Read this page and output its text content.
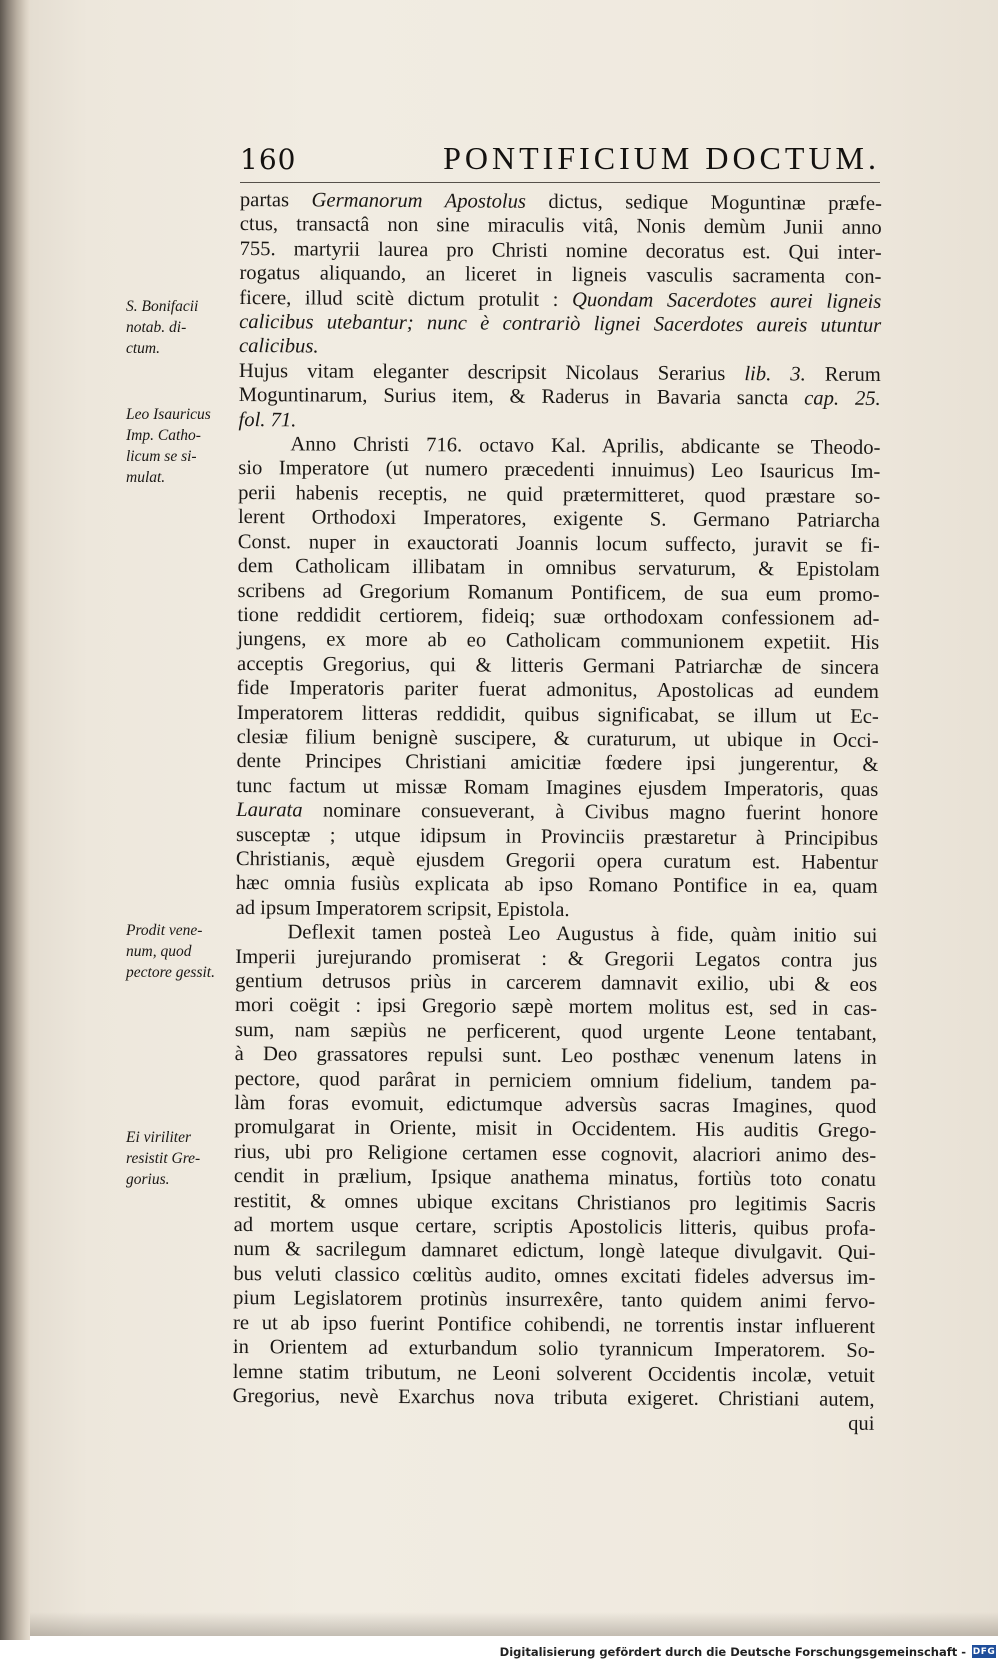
160	PONTIFICIUM DOCTUM.
S. Bonifacii
notab. di-
ctum.
Leo Isauricus
Imp. Catho-
licum se si-
mulat.
Prodit vene-
num, quod
pectore gessit.
Ei viriliter
resistit Gre-
gorius.
partas Germanorum Apostolus dictus, sedique Moguntinæ præfe-
ctus, transactâ non sine miraculis vitâ, Nonis demùm Junii anno
755. martyrii laurea pro Christi nomine decoratus est. Qui inter-
rogatus aliquando, an liceret in ligneis vasculis sacramenta con-
ficere, illud scitè dictum protulit : Quondam Sacerdotes aurei ligneis
calicibus utebantur; nunc è contrariò lignei Sacerdotes aureis utuntur calicibus.
Hujus vitam eleganter descripsit Nicolaus Serarius lib. 3. Rerum
Moguntinarum, Surius item, & Raderus in Bavaria sancta cap. 25.
fol. 71.
Anno Christi 716. octavo Kal. Aprilis, abdicante se Theodo-
sio Imperatore (ut numero præcedenti innuimus) Leo Isauricus Im-
perii habenis receptis, ne quid prætermitteret, quod præstare so-
lerent Orthodoxi Imperatores, exigente S. Germano Patriarcha
Const. nuper in exauctorati Joannis locum suffecto, juravit se fi-
dem Catholicam illibatam in omnibus servaturum, & Epistolam
scribens ad Gregorium Romanum Pontificem, de sua eum promo-
tione reddidit certiorem, fideiq; suæ orthodoxam confessionem ad-
jungens, ex more ab eo Catholicam communionem expetiit. His
acceptis Gregorius, qui & litteris Germani Patriarchæ de sincera
fide Imperatoris pariter fuerat admonitus, Apostolicas ad eundem
Imperatorem litteras reddidit, quibus significabat, se illum ut Ec-
clesiæ filium benignè suscipere, & curaturum, ut ubique in Occi-
dente Principes Christiani amicitiæ fœdere ipsi jungerentur, &
tunc factum ut missæ Romam Imagines ejusdem Imperatoris, quas
Laurata nominare consueverant, à Civibus magno fuerint honore
susceptæ ; utque idipsum in Provinciis præstaretur à Principibus
Christianis, æquè ejusdem Gregorii opera curatum est. Habentur
hæc omnia fusiùs explicata ab ipso Romano Pontifice in ea, quam
ad ipsum Imperatorem scripsit, Epistola.
Deflexit tamen posteà Leo Augustus à fide, quàm initio sui
Imperii jurejurando promiserat : & Gregorii Legatos contra jus
gentium detrusos priùs in carcerem damnavit exilio, ubi & eos
mori coëgit : ipsi Gregorio sæpè mortem molitus est, sed in cas-
sum, nam sæpiùs ne perficerent, quod urgente Leone tentabant,
à Deo grassatores repulsi sunt. Leo posthæc venenum latens in
pectore, quod parârat in perniciem omnium fidelium, tandem pa-
làm foras evomuit, edictumque adversùs sacras Imagines, quod
promulgarat in Oriente, misit in Occidentem. His auditis Grego-
rius, ubi pro Religione certamen esse cognovit, alacriori animo des-
cendit in prælium, Ipsique anathema minatus, fortiùs toto conatu
restitit, & omnes ubique excitans Christianos pro legitimis Sacris
ad mortem usque certare, scriptis Apostolicis litteris, quibus profa-
num & sacrilegum damnaret edictum, longè lateque divulgavit. Qui-
bus veluti classico cœlitùs audito, omnes excitati fideles adversus im-
pium Legislatorem protinùs insurrexêre, tanto quidem animi fervo-
re ut ab ipso fuerint Pontifice cohibendi, ne torrentis instar influerent
in Orientem ad exturbandum solio tyrannicum Imperatorem. So-
lemne statim tributum, ne Leoni solverent Occidentis incolæ, vetuit
Gregorius, nevè Exarchus nova tributa exigeret. Christiani autem,
qui
Digitalisierung gefördert durch die Deutsche Forschungsgemeinschaft - DFG
